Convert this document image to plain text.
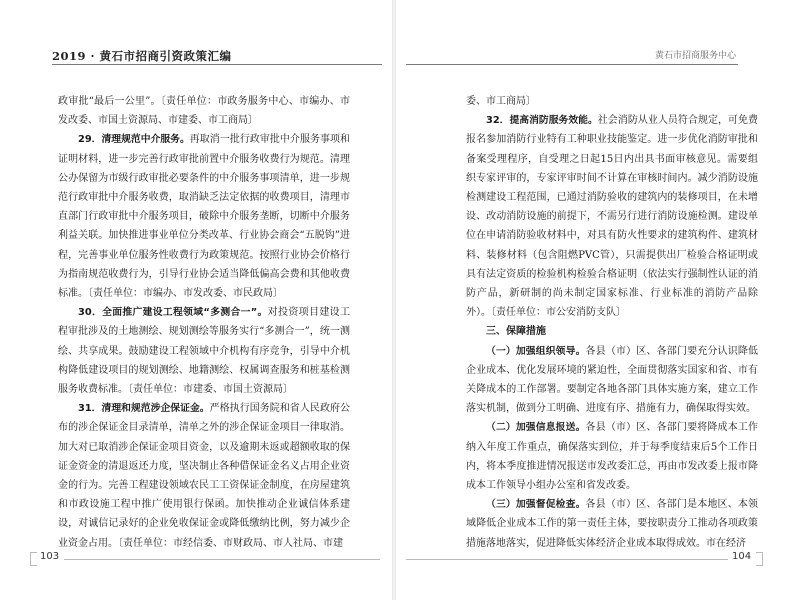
2019 · 黄石市招商引资政策汇编

政审批“最后一公里”。〔责任单位：市政务服务中心、市编办、市发改委、市国土资源局、市建委、市工商局〕

29．清理规范中介服务。再取消一批行政审批中介服务事项和证明材料，进一步完善行政审批前置中介服务收费行为规范。清理公办保留为市级行政审批必要条件的中介服务事项清单，进一步规范行政审批中介服务收费，取消缺乏法定依据的收费项目，清理市直部门行政审批中介服务项目，破除中介服务垄断，切断中介服务利益关联。加快推进事业单位分类改革、行业协会商会“五脱钩”进程，完善事业单位服务性收费行为政策规范。按照行业协会价格行为指南规范收费行为，引导行业协会适当降低偏高会费和其他收费标准。〔责任单位：市编办、市发改委、市民政局〕

30．全面推广建设工程领域“多测合一”。对投资项目建设工程审批涉及的土地测绘、规划测绘等服务实行“多测合一”，统一测绘、共享成果。鼓励建设工程领域中介机构有序竞争，引导中介机构降低建设项目的规划测绘、地籍测绘、权属调查服务和桩基检测服务收费标准。〔责任单位：市建委、市国土资源局〕

31．清理和规范涉企保证金。严格执行国务院和省人民政府公布的涉企保证金目录清单，清单之外的涉企保证金项目一律取消。加大对已取消涉企保证金项目资金，以及逾期未返或超额收取的保证金资金的清退返还力度，坚决制止各种借保证金名义占用企业资金的行为。完善工程建设领域农民工工资保证金制度，在房屋建筑和市政设施工程中推广使用银行保函。加快推动企业诚信体系建设，对诚信记录好的企业免收保证金或降低缴纳比例，努力减少企业资金占用。〔责任单位：市经信委、市财政局、市人社局、市建

黄石市招商服务中心

委、市工商局〕

32．提高消防服务效能。社会消防从业人员符合规定，可免费报名参加消防行业特有工种职业技能鉴定。进一步优化消防审批和备案受理程序，自受理之日起15日内出具书面审核意见。需要组织专家评审的，专家评审时间不计算在审核时间内。减少消防设施检测建设工程范围，已通过消防验收的建筑内的装修项目，在未增设、改动消防设施的前提下，不需另行进行消防设施检测。建设单位在申请消防验收材料中，对具有防火性要求的建筑构件、建筑材料、装修材料（包含阻燃PVC管），只需提供出厂检验合格证明或具有法定资质的检验机构检验合格证明（依法实行强制性认证的消防产品，新研制的尚未制定国家标准、行业标准的消防产品除外）。〔责任单位：市公安消防支队〕

三、保障措施

（一）加强组织领导。各县（市）区、各部门要充分认识降低企业成本、优化发展环境的紧迫性，全面贯彻落实国家和省、市有关降成本的工作部署。要制定各地各部门具体实施方案，建立工作落实机制，做到分工明确、进度有序、措施有力，确保取得实效。

（二）加强信息报送。各县（市）区、各部门要将降成本工作纳入年度工作重点，确保落实到位，并于每季度结束后5个工作日内，将本季度推进情况报送市发改委汇总，再由市发改委上报市降成本工作领导小组办公室和省发改委。

（三）加强督促检查。各县（市）区、各部门是本地区、本领域降低企业成本工作的第一责任主体，要按职责分工推动各项政策措施落地落实，促进降低实体经济企业成本取得成效。市在经济

103	104
